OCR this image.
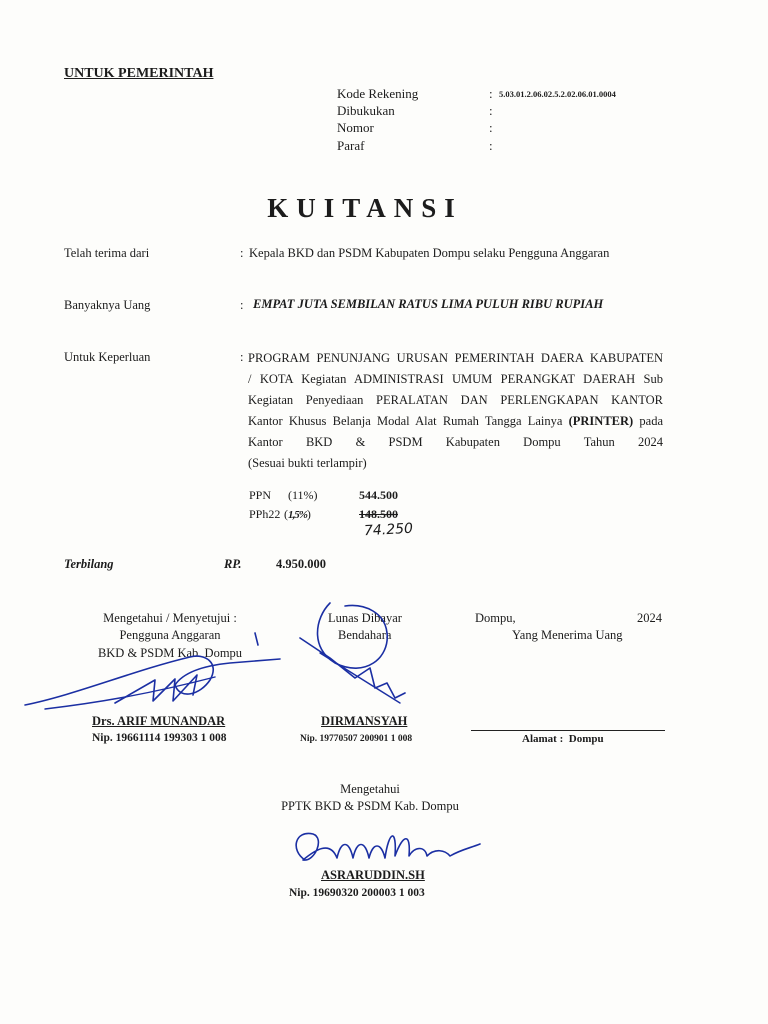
UNTUK PEMERINTAH
Kode Rekening	: 5.03.01.2.06.02.5.2.02.06.01.0004
Dibukukan	:
Nomor	:
Paraf	:
KUITANSI
Telah terima dari	: Kepala BKD dan PSDM Kabupaten Dompu selaku Pengguna Anggaran
Banyaknya Uang	: EMPAT JUTA SEMBILAN RATUS LIMA PULUH RIBU RUPIAH
Untuk Keperluan	: PROGRAM PENUNJANG URUSAN PEMERINTAH DAERA KABUPATEN
/ KOTA Kegiatan ADMINISTRASI UMUM PERANGKAT DAERAH Sub
Kegiatan Penyediaan PERALATAN DAN PERLENGKAPAN KANTOR
Kantor Khusus Belanja Modal Alat Rumah Tangga Lainya (PRINTER) pada
Kantor BKD & PSDM Kabupaten Dompu Tahun 2024
(Sesuai bukti terlampir)
PPN (11%)	544.500
PPh22 (1,5%)	148.500
74.250
Terbilang	RP.	4.950.000
Mengetahui / Menyetujui :
Pengguna Anggaran
BKD & PSDM Kab. Dompu
Drs. ARIF MUNANDAR
Nip. 19661114 199303 1 008
Lunas Dibayar
Bendahara
DIRMANSYAH
Nip. 19770507 200901 1 008
Dompu,	2024
Yang Menerima Uang
Alamat : Dompu
Mengetahui
PPTK BKD & PSDM Kab. Dompu
ASRARUDDIN.SH
Nip. 19690320 200003 1 003
